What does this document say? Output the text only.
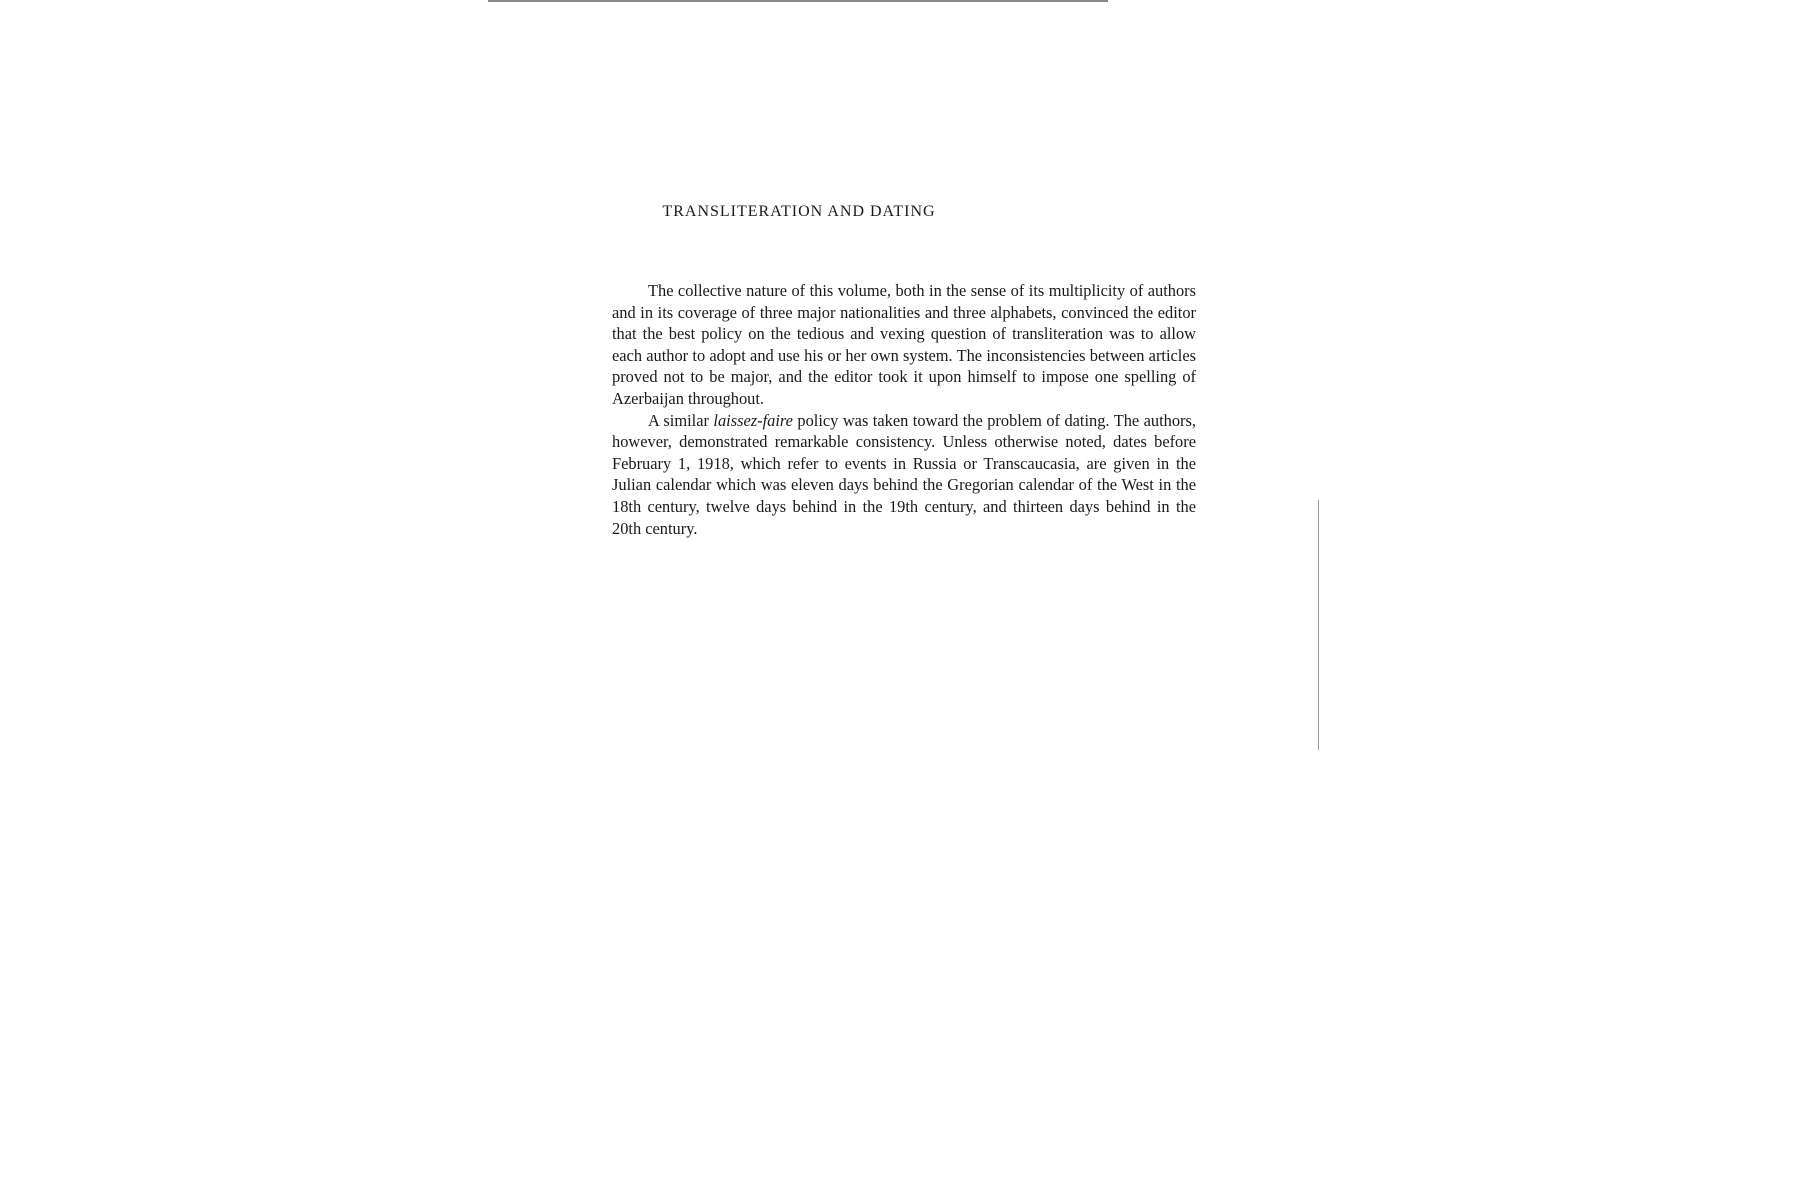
TRANSLITERATION AND DATING

The collective nature of this volume, both in the sense of its multiplicity of authors and in its coverage of three major nationalities and three alphabets, convinced the editor that the best policy on the tedious and vexing question of transliteration was to allow each author to adopt and use his or her own system. The inconsistencies between articles proved not to be major, and the editor took it upon himself to impose one spelling of Azerbaijan throughout.

A similar laissez-faire policy was taken toward the problem of dating. The authors, however, demonstrated remarkable consistency. Unless otherwise noted, dates before February 1, 1918, which refer to events in Russia or Transcaucasia, are given in the Julian calendar which was eleven days behind the Gregorian calendar of the West in the 18th century, twelve days behind in the 19th century, and thirteen days behind in the 20th century.
